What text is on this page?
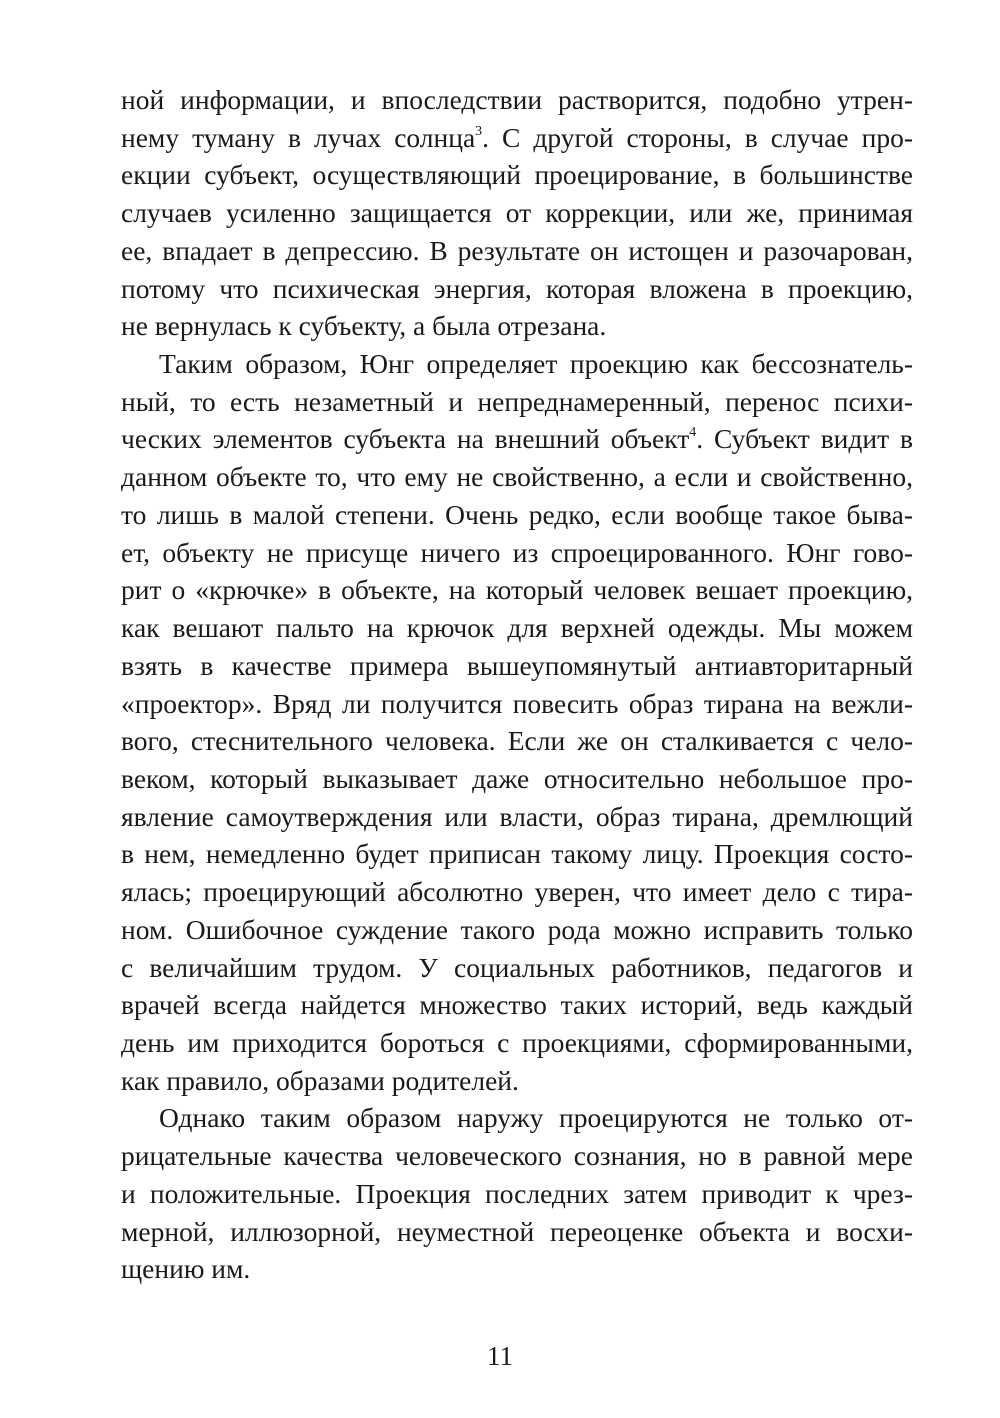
ной информации, и впоследствии растворится, подобно утрен-
нему туману в лучах солнца$^3$. С другой стороны, в случае про-
екции субъект, осуществляющий проецирование, в большинстве
случаев усиленно защищается от коррекции, или же, принимая
ее, впадает в депрессию. В результате он истощен и разочарован,
потому что психическая энергия, которая вложена в проекцию,
не вернулась к субъекту, а была отрезана.
Таким образом, Юнг определяет проекцию как бессознатель-
ный, то есть незаметный и непреднамеренный, перенос психи-
ческих элементов субъекта на внешний объект$^4$. Субъект видит в
данном объекте то, что ему не свойственно, а если и свойственно,
то лишь в малой степени. Очень редко, если вообще такое быва-
ет, объекту не присуще ничего из спроецированного. Юнг гово-
рит о «крючке» в объекте, на который человек вешает проекцию,
как вешают пальто на крючок для верхней одежды. Мы можем
взять в качестве примера вышеупомянутый антиавторитарный
«проектор». Вряд ли получится повесить образ тирана на вежли-
вого, стеснительного человека. Если же он сталкивается с чело-
веком, который выказывает даже относительно небольшое про-
явление самоутверждения или власти, образ тирана, дремлющий
в нем, немедленно будет приписан такому лицу. Проекция состо-
ялась; проецирующий абсолютно уверен, что имеет дело с тира-
ном. Ошибочное суждение такого рода можно исправить только
с величайшим трудом. У социальных работников, педагогов и
врачей всегда найдется множество таких историй, ведь каждый
день им приходится бороться с проекциями, сформированными,
как правило, образами родителей.
Однако таким образом наружу проецируются не только от-
рицательные качества человеческого сознания, но в равной мере
и положительные. Проекция последних затем приводит к чрез-
мерной, иллюзорной, неуместной переоценке объекта и восхи-
щению им.
11
